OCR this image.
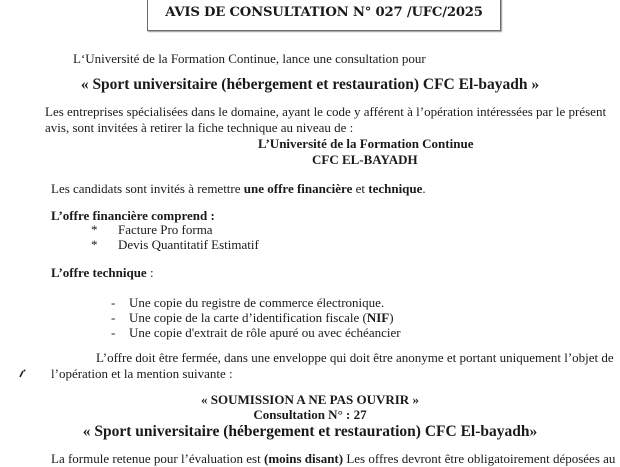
AVIS DE CONSULTATION N° 027 /UFC/2025
L‘Université de la Formation Continue, lance une consultation pour
« Sport universitaire (hébergement et restauration) CFC El-bayadh »
Les entreprises spécialisées dans le domaine, ayant le code y afférent à l’opération intéressées par le présent
avis, sont invitées à retirer la fiche technique au niveau de :
L’Université de la Formation Continue
CFC EL-BAYADH
Les candidats sont invités à remettre une offre financière et technique.
L’offre financière comprend :
* Facture Pro forma
* Devis Quantitatif Estimatif
L’offre technique :
- Une copie du registre de commerce électronique.
- Une copie de la carte d’identification fiscale (NIF)
- Une copie d'extrait de rôle apuré ou avec échéancier
L’offre doit être fermée, dans une enveloppe qui doit être anonyme et portant uniquement l’objet de
l’opération et la mention suivante :
« SOUMISSION A NE PAS OUVRIR »
Consultation N° : 27
« Sport universitaire (hébergement et restauration) CFC El-bayadh»
La formule retenue pour l’évaluation est (moins disant) Les offres devront être obligatoirement déposées au
